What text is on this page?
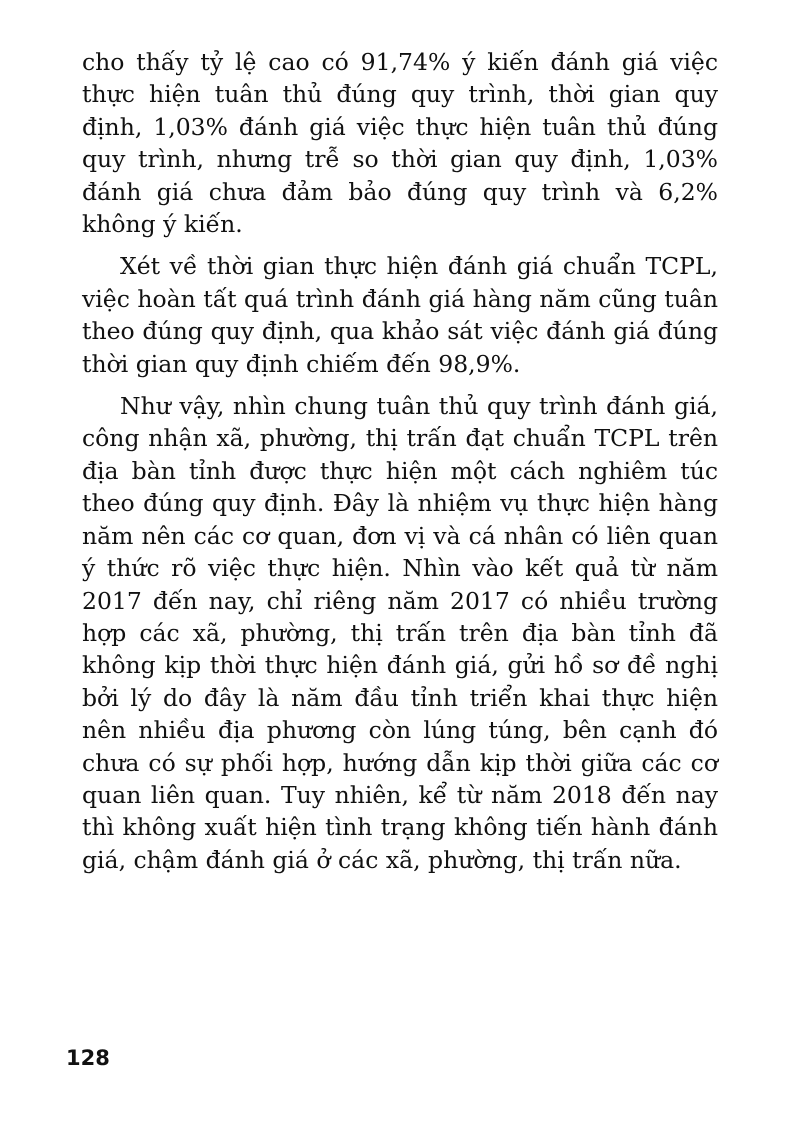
cho thấy tỷ lệ cao có 91,74% ý kiến đánh giá việc thực hiện tuân thủ đúng quy trình, thời gian quy định, 1,03% đánh giá việc thực hiện tuân thủ đúng quy trình, nhưng trễ so thời gian quy định, 1,03% đánh giá chưa đảm bảo đúng quy trình và 6,2% không ý kiến.

Xét về thời gian thực hiện đánh giá chuẩn TCPL, việc hoàn tất quá trình đánh giá hàng năm cũng tuân theo đúng quy định, qua khảo sát việc đánh giá đúng thời gian quy định chiếm đến 98,9%.

Như vậy, nhìn chung tuân thủ quy trình đánh giá, công nhận xã, phường, thị trấn đạt chuẩn TCPL trên địa bàn tỉnh được thực hiện một cách nghiêm túc theo đúng quy định. Đây là nhiệm vụ thực hiện hàng năm nên các cơ quan, đơn vị và cá nhân có liên quan ý thức rõ việc thực hiện. Nhìn vào kết quả từ năm 2017 đến nay, chỉ riêng năm 2017 có nhiều trường hợp các xã, phường, thị trấn trên địa bàn tỉnh đã không kịp thời thực hiện đánh giá, gửi hồ sơ đề nghị bởi lý do đây là năm đầu tỉnh triển khai thực hiện nên nhiều địa phương còn lúng túng, bên cạnh đó chưa có sự phối hợp, hướng dẫn kịp thời giữa các cơ quan liên quan. Tuy nhiên, kể từ năm 2018 đến nay thì không xuất hiện tình trạng không tiến hành đánh giá, chậm đánh giá ở các xã, phường, thị trấn nữa.

128
